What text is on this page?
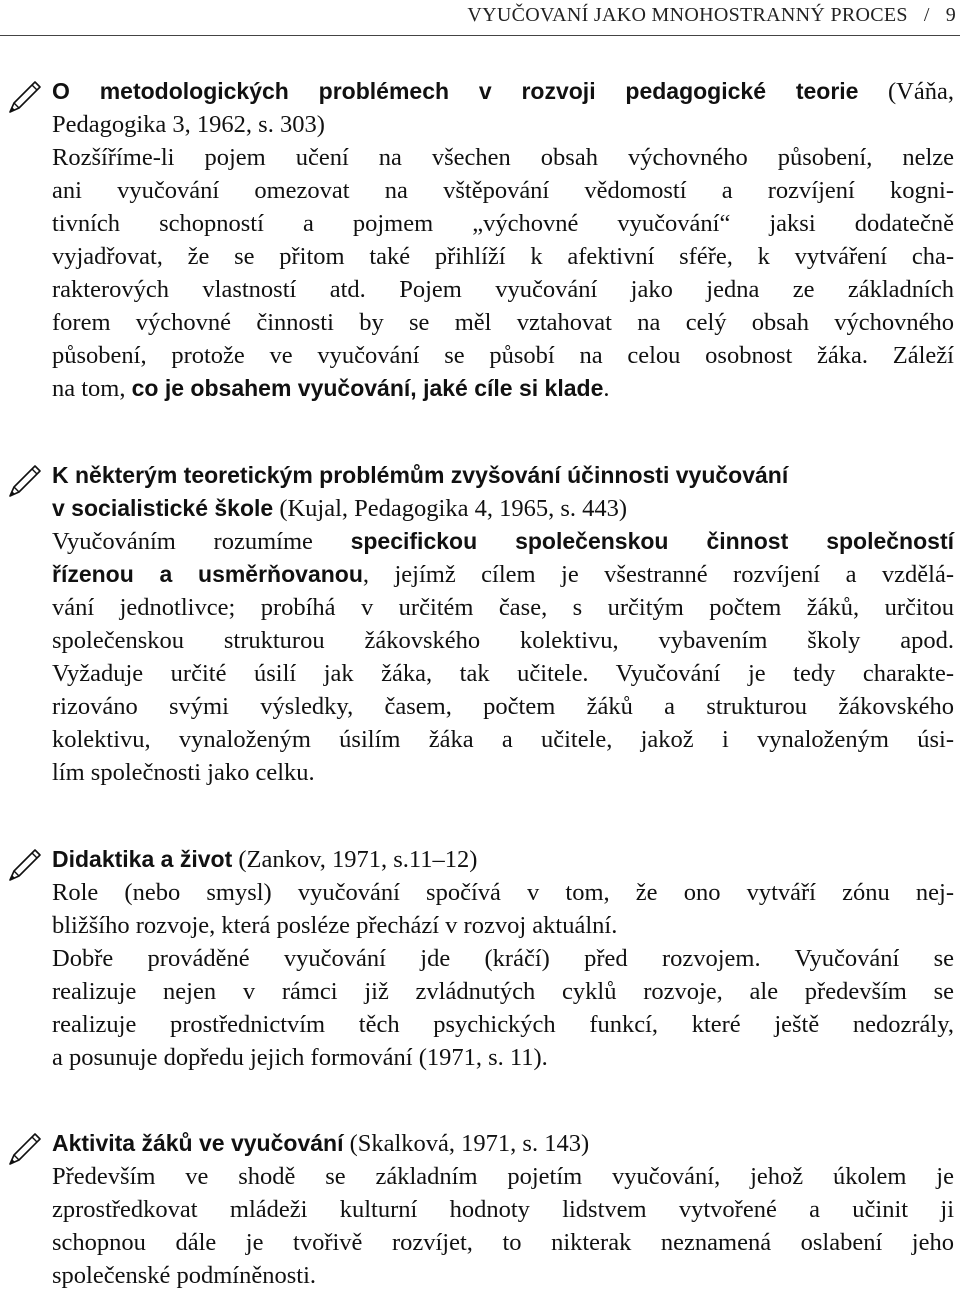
VYUČOVANÍ JAKO MNOHOSTRANNÝ PROCES / 9
O metodologických problémech v rozvoji pedagogické teorie (Váňa,
Pedagogika 3, 1962, s. 303)
Rozšíříme-li pojem učení na všechen obsah výchovného působení, nelze
ani vyučování omezovat na vštěpování vědomostí a rozvíjení kogni-
tivních schopností a pojmem „výchovné vyučování“ jaksi dodatečně
vyjadřovat, že se přitom také přihlíží k afektivní sféře, k vytváření cha-
rakterových vlastností atd. Pojem vyučování jako jedna ze základních
forem výchovné činnosti by se měl vztahovat na celý obsah výchovného
působení, protože ve vyučování se působí na celou osobnost žáka. Záleží
na tom, co je obsahem vyučování, jaké cíle si klade.
K některým teoretickým problémům zvyšování účinnosti vyučování
v socialistické škole (Kujal, Pedagogika 4, 1965, s. 443)
Vyučováním rozumíme specifickou společenskou činnost společností
řízenou a usměrňovanou, jejímž cílem je všestranné rozvíjení a vzdělá-
vání jednotlivce; probíhá v určitém čase, s určitým počtem žáků, určitou
společenskou strukturou žákovského kolektivu, vybavením školy apod.
Vyžaduje určité úsilí jak žáka, tak učitele. Vyučování je tedy charakte-
rizováno svými výsledky, časem, počtem žáků a strukturou žákovského
kolektivu, vynaloženým úsilím žáka a učitele, jakož i vynaloženým úsi-
lím společnosti jako celku.
Didaktika a život (Zankov, 1971, s.11–12)
Role (nebo smysl) vyučování spočívá v tom, že ono vytváří zónu nej-
bližšího rozvoje, která posléze přechází v rozvoj aktuální.
Dobře prováděné vyučování jde (kráčí) před rozvojem. Vyučování se
realizuje nejen v rámci již zvládnutých cyklů rozvoje, ale především se
realizuje prostřednictvím těch psychických funkcí, které ještě nedozrály,
a posunuje dopředu jejich formování (1971, s. 11).
Aktivita žáků ve vyučování (Skalková, 1971, s. 143)
Především ve shodě se základním pojetím vyučování, jehož úkolem je
zprostředkovat mládeži kulturní hodnoty lidstvem vytvořené a učinit ji
schopnou dále je tvořivě rozvíjet, to nikterak neznamená oslabení jeho
společenské podmíněnosti.
